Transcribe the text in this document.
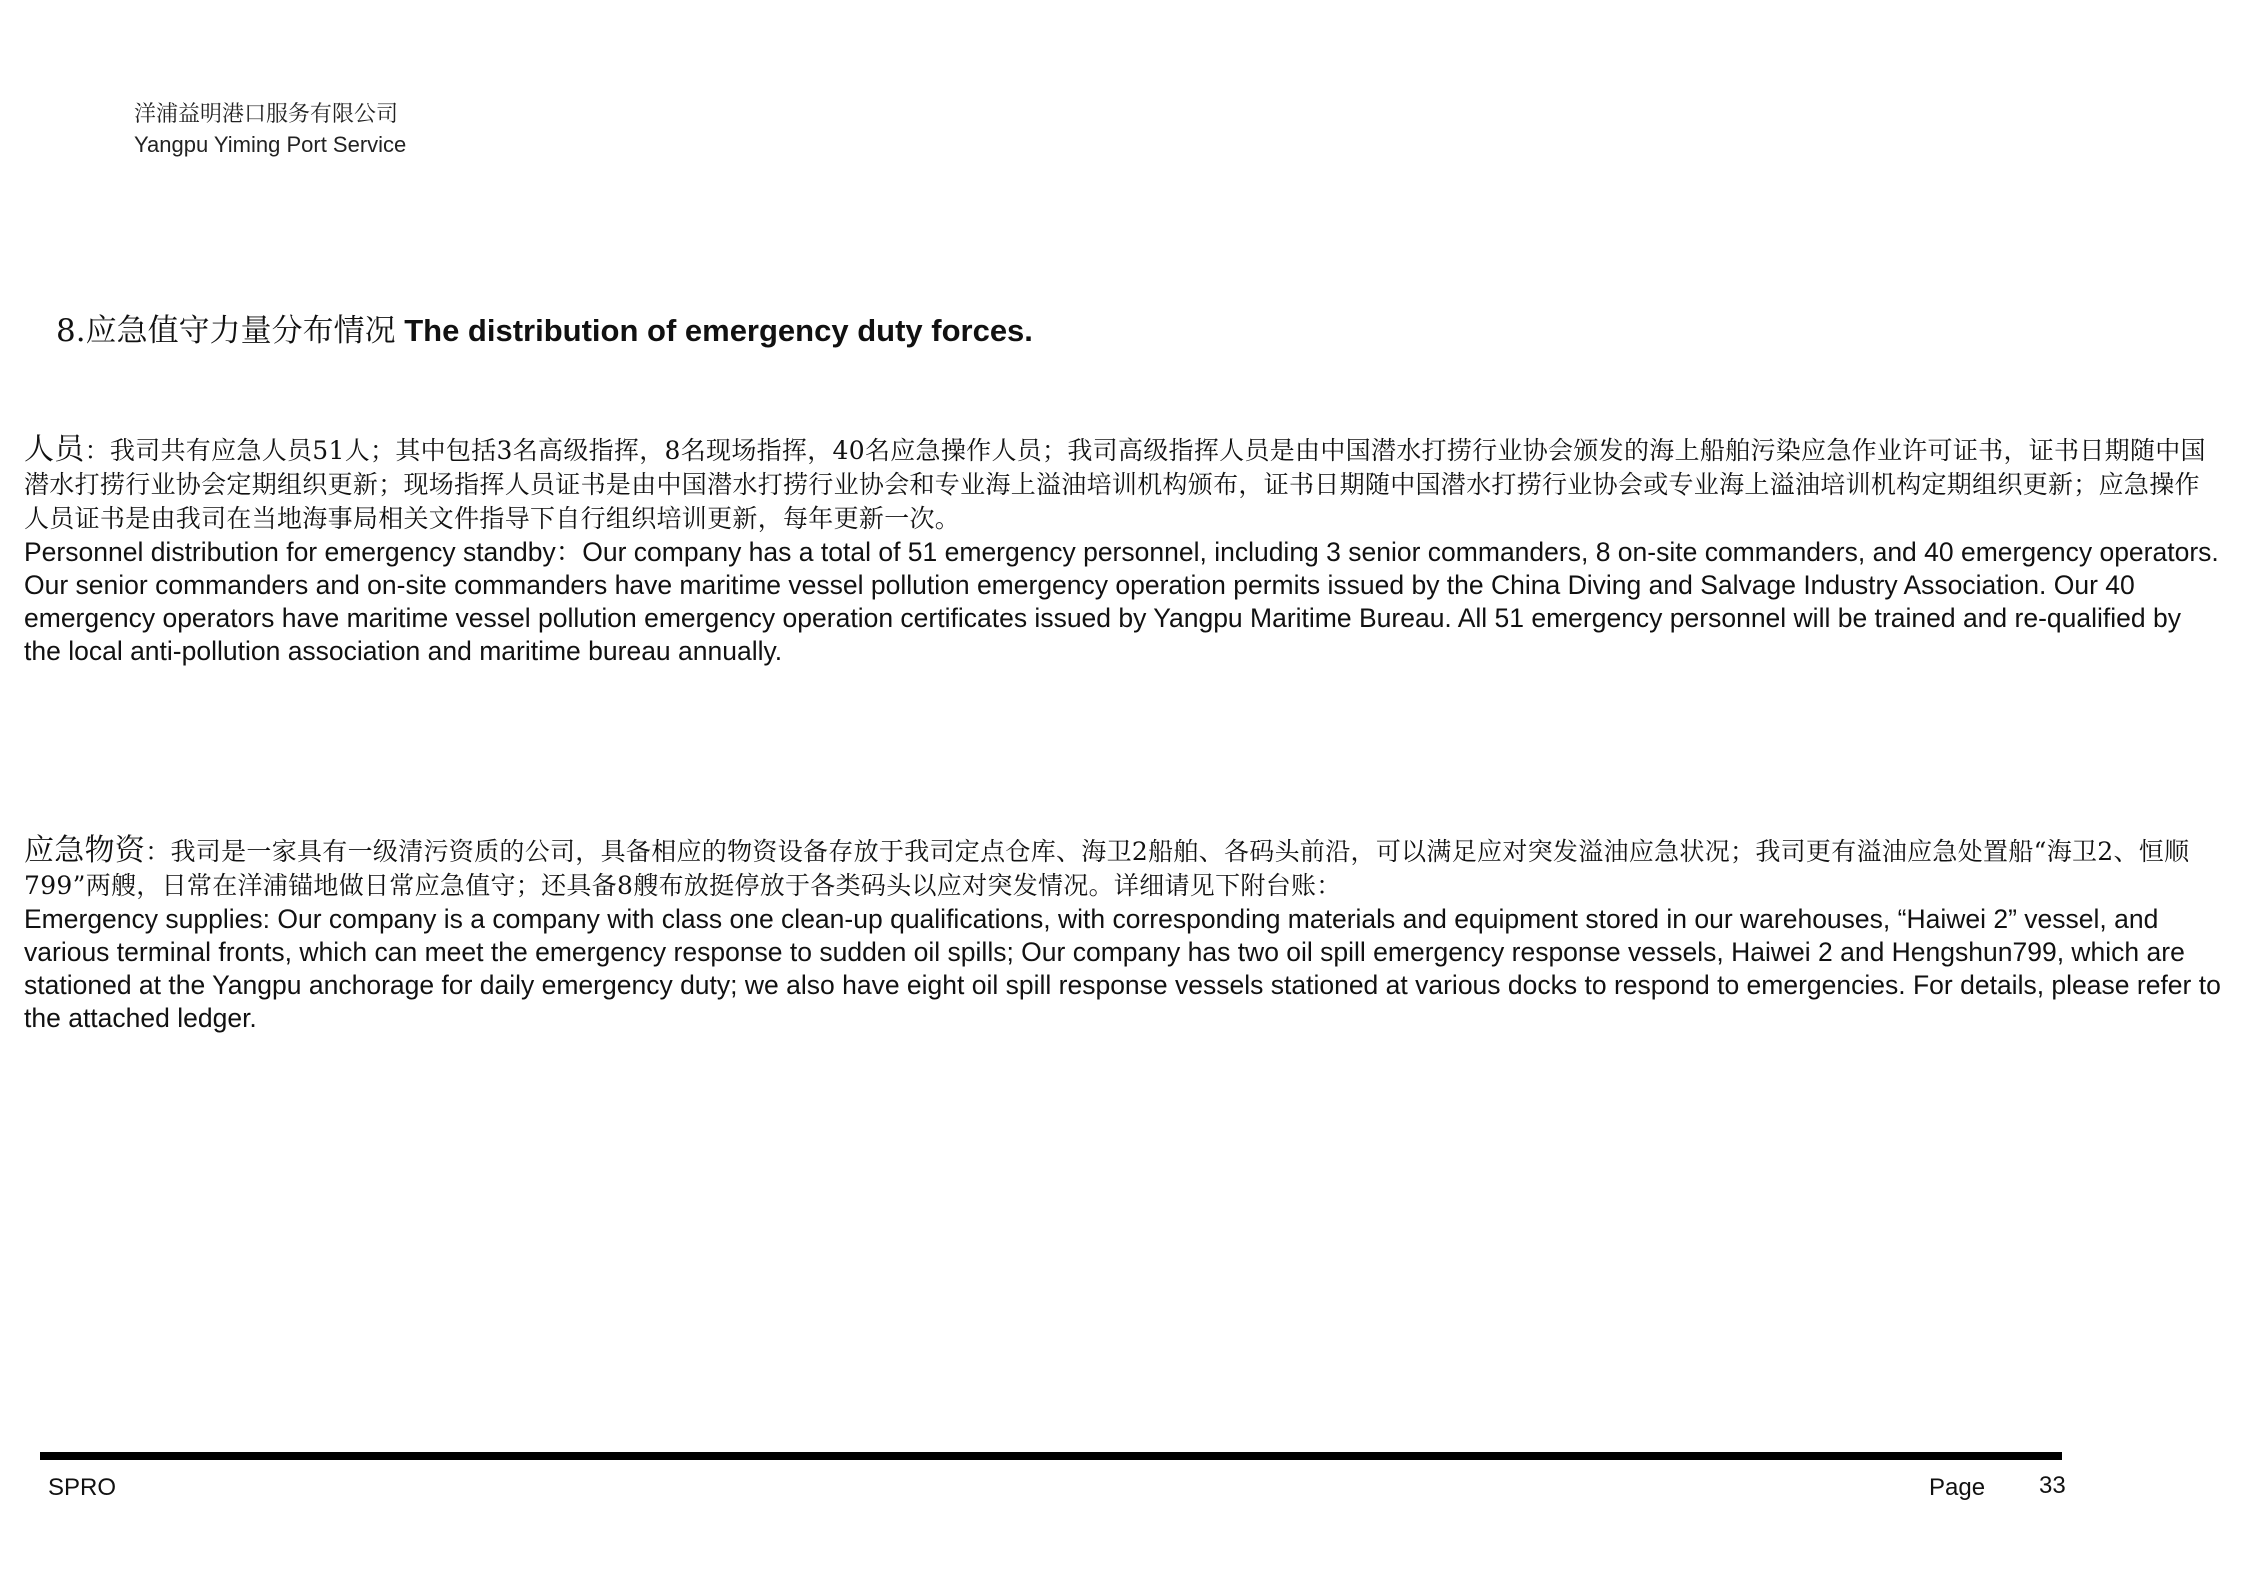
洋浦益明港口服务有限公司
Yangpu Yiming Port Service
8.应急值守力量分布情况 The distribution of emergency duty forces.

人员：我司共有应急人员51人；其中包括3名高级指挥，8名现场指挥，40名应急操作人员；我司高级指挥人员是由中国潜水打捞行业协会颁发的海上船舶污染应急作业许可证书，证书日期随中国潜水打捞行业协会定期组织更新；现场指挥人员证书是由中国潜水打捞行业协会和专业海上溢油培训机构颁布，证书日期随中国潜水打捞行业协会或专业海上溢油培训机构定期组织更新；应急操作人员证书是由我司在当地海事局相关文件指导下自行组织培训更新，每年更新一次。

Personnel distribution for emergency standby：Our company has a total of 51 emergency personnel, including 3 senior commanders, 8 on-site commanders, and 40 emergency operators. Our senior commanders and on-site commanders have maritime vessel pollution emergency operation permits issued by the China Diving and Salvage Industry Association. Our 40 emergency operators have maritime vessel pollution emergency operation certificates issued by Yangpu Maritime Bureau. All 51 emergency personnel will be trained and re-qualified by the local anti-pollution association and maritime bureau annually.

应急物资：我司是一家具有一级清污资质的公司，具备相应的物资设备存放于我司定点仓库、海卫2船舶、各码头前沿，可以满足应对突发溢油应急状况；我司更有溢油应急处置船“海卫2、恒顺799”两艘，日常在洋浦锚地做日常应急值守；还具备8艘布放挺停放于各类码头以应对突发情况。详细请见下附台账：

Emergency supplies: Our company is a company with class one clean-up qualifications, with corresponding materials and equipment stored in our warehouses, “Haiwei 2” vessel, and various terminal fronts, which can meet the emergency response to sudden oil spills; Our company has two oil spill emergency response vessels, Haiwei 2 and Hengshun799, which are stationed at the Yangpu anchorage for daily emergency duty; we also have eight oil spill response vessels stationed at various docks to respond to emergencies. For details, please refer to the attached ledger.

SPRO	Page 33
